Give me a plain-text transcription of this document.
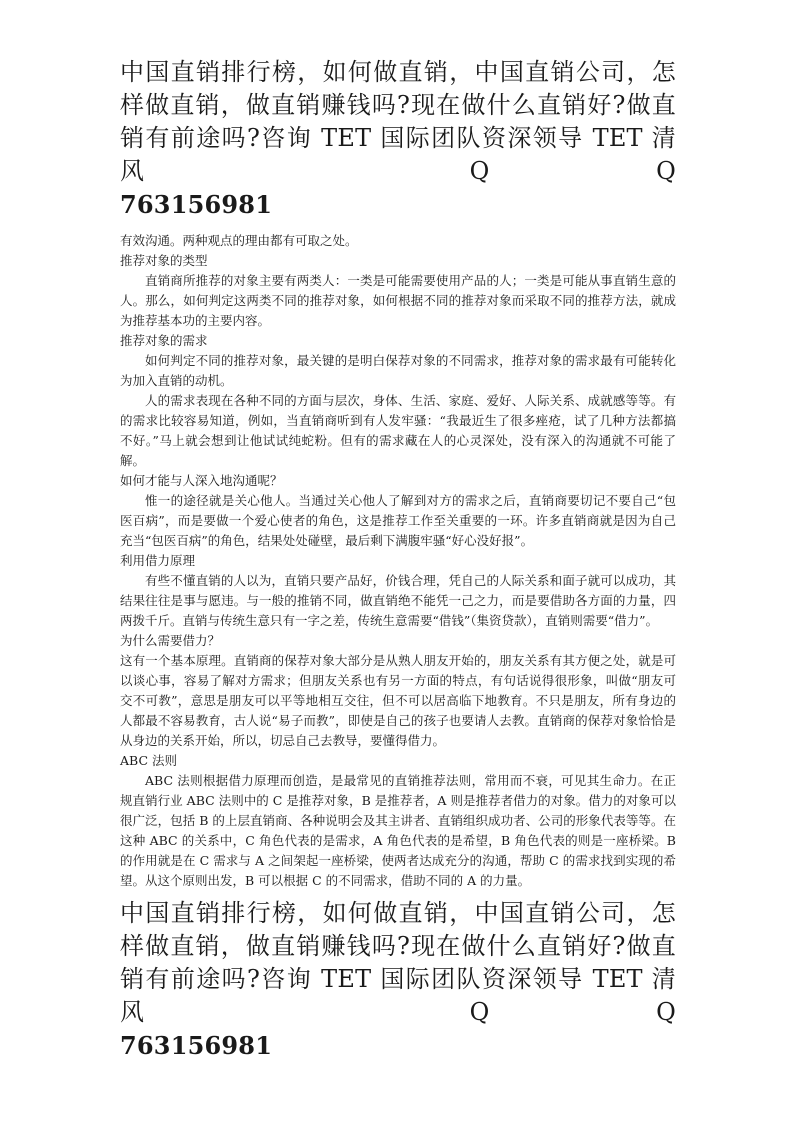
中国直销排行榜，如何做直销，中国直销公司，怎样做直销，做直销赚钱吗?现在做什么直销好?做直销有前途吗?咨询 TET 国际团队资深领导 TET 清风 Q Q
763156981

有效沟通。两种观点的理由都有可取之处。

推荐对象的类型

直销商所推荐的对象主要有两类人：一类是可能需要使用产品的人；一类是可能从事直销生意的人。那么，如何判定这两类不同的推荐对象，如何根据不同的推荐对象而采取不同的推荐方法，就成为推荐基本功的主要内容。

推荐对象的需求

如何判定不同的推荐对象，最关键的是明白保荐对象的不同需求，推荐对象的需求最有可能转化为加入直销的动机。

人的需求表现在各种不同的方面与层次，身体、生活、家庭、爱好、人际关系、成就感等等。有的需求比较容易知道，例如，当直销商听到有人发牢骚：“我最近生了很多痤疮，试了几种方法都搞不好。”马上就会想到让他试试纯蛇粉。但有的需求藏在人的心灵深处，没有深入的沟通就不可能了解。

如何才能与人深入地沟通呢？

惟一的途径就是关心他人。当通过关心他人了解到对方的需求之后，直销商要切记不要自己“包医百病”，而是要做一个爱心使者的角色，这是推荐工作至关重要的一环。许多直销商就是因为自己充当“包医百病”的角色，结果处处碰壁，最后剩下满腹牢骚“好心没好报”。

利用借力原理

有些不懂直销的人以为，直销只要产品好，价钱合理，凭自己的人际关系和面子就可以成功，其结果往往是事与愿违。与一般的推销不同，做直销绝不能凭一己之力，而是要借助各方面的力量，四两拨千斤。直销与传统生意只有一字之差，传统生意需要“借钱”（集资贷款），直销则需要“借力”。

为什么需要借力？

这有一个基本原理。直销商的保荐对象大部分是从熟人朋友开始的，朋友关系有其方便之处，就是可以谈心事，容易了解对方需求；但朋友关系也有另一方面的特点，有句话说得很形象，叫做“朋友可交不可教”，意思是朋友可以平等地相互交往，但不可以居高临下地教育。不只是朋友，所有身边的人都最不容易教育，古人说“易子而教”，即使是自己的孩子也要请人去教。直销商的保荐对象恰恰是从身边的关系开始，所以，切忌自己去教导，要懂得借力。

ABC 法则

ABC 法则根据借力原理而创造，是最常见的直销推荐法则，常用而不衰，可见其生命力。在正规直销行业 ABC 法则中的 C 是推荐对象，B 是推荐者，A 则是推荐者借力的对象。借力的对象可以很广泛，包括 B 的上层直销商、各种说明会及其主讲者、直销组织成功者、公司的形象代表等等。在这种 ABC 的关系中，C 角色代表的是需求，A 角色代表的是希望，B 角色代表的则是一座桥梁。B 的作用就是在 C 需求与 A 之间架起一座桥梁，使两者达成充分的沟通，帮助 C 的需求找到实现的希望。从这个原则出发，B 可以根据 C 的不同需求，借助不同的 A 的力量。

中国直销排行榜，如何做直销，中国直销公司，怎样做直销，做直销赚钱吗?现在做什么直销好?做直销有前途吗?咨询 TET 国际团队资深领导 TET 清风 Q Q
763156981
